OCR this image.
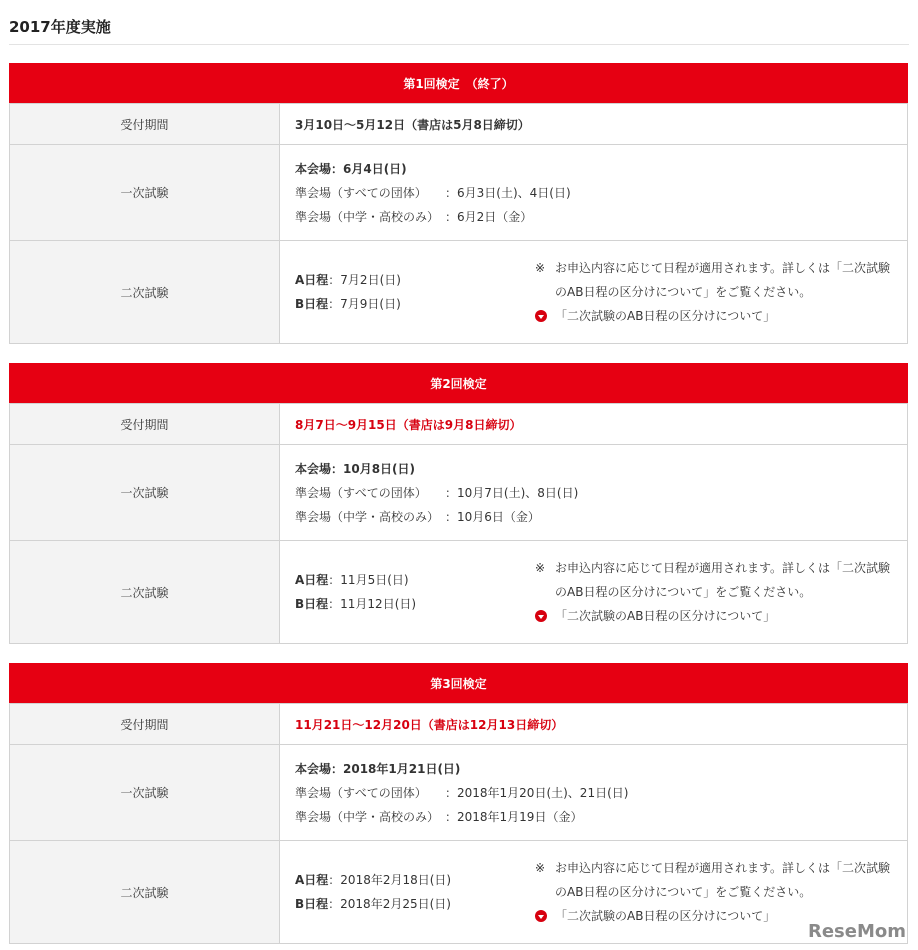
2017年度実施
第1回検定　（終了）
受付期間	3月10日～5月12日（書店は5月8日締切）
一次試験	本会場：6月4日(日)
準会場（すべての団体） ：6月3日(土)、4日(日)
準会場（中学・高校のみ） ：6月2日（金）

二次試験	A日程：7月2日(日)
B日程：7月9日(日)
※ お申込内容に応じて日程が適用されます。詳しくは「二次試験
のAB日程の区分けについて」をご覧ください。
「二次試験のAB日程の区分けについて」
第2回検定
受付期間	8月7日～9月15日（書店は9月8日締切）
一次試験	本会場：10月8日(日)
準会場（すべての団体） ：10月7日(土)、8日(日)
準会場（中学・高校のみ） ：10月6日（金）

二次試験	A日程：11月5日(日)
B日程：11月12日(日)
※ お申込内容に応じて日程が適用されます。詳しくは「二次試験
のAB日程の区分けについて」をご覧ください。
「二次試験のAB日程の区分けについて」
第3回検定
受付期間	11月21日～12月20日（書店は12月13日締切）
一次試験	本会場：2018年1月21日(日)
準会場（すべての団体） ：2018年1月20日(土)、21日(日)
準会場（中学・高校のみ） ：2018年1月19日（金）

二次試験	A日程：2018年2月18日(日)
B日程：2018年2月25日(日)
※ お申込内容に応じて日程が適用されます。詳しくは「二次試験
のAB日程の区分けについて」をご覧ください。
「二次試験のAB日程の区分けについて」
ReseMom
